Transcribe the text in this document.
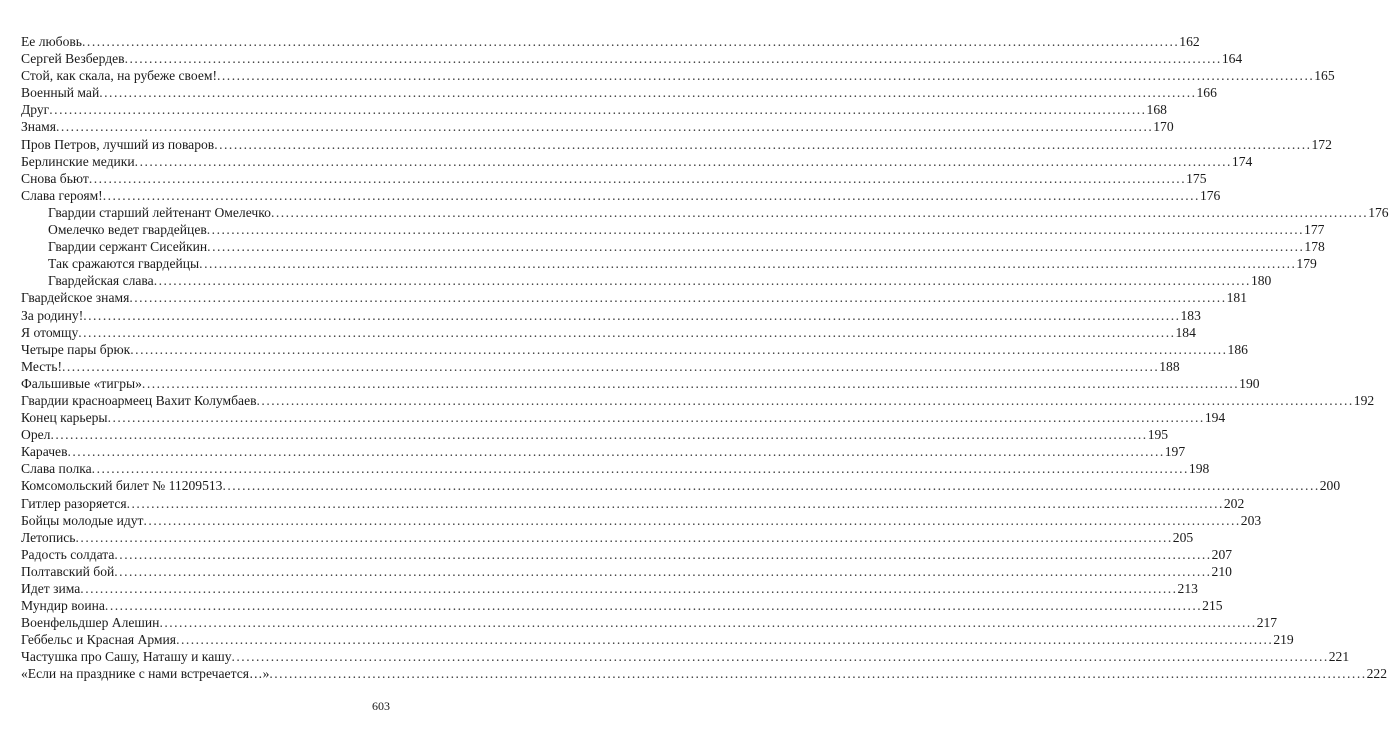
Ее любовь .....	162
Сергей Везбердев .....	164
Стой, как скала, на рубеже своем! .....	165
Военный май .....	166
Друг .....	168
Знамя .....	170
Пров Петров, лучший из поваров .....	172
Берлинские медики .....	174
Снова бьют .....	175
Слава героям! .....	176
Гвардии старший лейтенант Омелечко .....	176
Омелечко ведет гвардейцев .....	177
Гвардии сержант Сисейкин .....	178
Так сражаются гвардейцы .....	179
Гвардейская слава .....	180
Гвардейское знамя .....	181
За родину! .....	183
Я отомщу .....	184
Четыре пары брюк .....	186
Месть! .....	188
Фальшивые «тигры» .....	190
Гвардии красноармеец Вахит Колумбаев .....	192
Конец карьеры .....	194
Орел .....	195
Карачев .....	197
Слава полка .....	198
Комсомольский билет № 11209513 .....	200
Гитлер разоряется .....	202
Бойцы молодые идут .....	203
Летопись .....	205
Радость солдата .....	207
Полтавский бой .....	210
Идет зима .....	213
Мундир воина .....	215
Военфельдшер Алешин .....	217
Геббельс и Красная Армия .....	219
Частушка про Сашу, Наташу и кашу .....	221
«Если на празднике с нами встречается…» .....	222
603
